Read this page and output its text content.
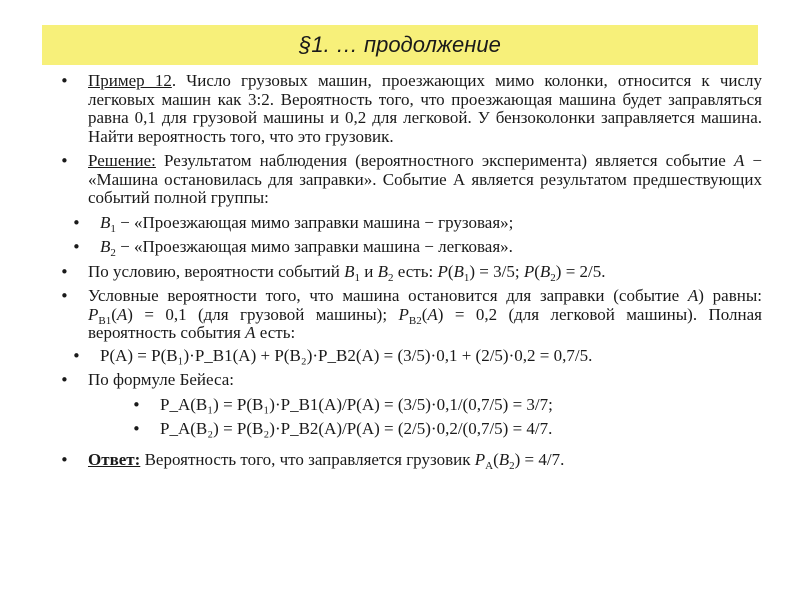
§1. … продолжение
• Пример 12. Число грузовых машин, проезжающих мимо колонки, относится к числу легковых машин как 3:2. Вероятность того, что проезжающая машина будет заправляться равна 0,1 для грузовой машины и 0,2 для легковой. У бензоколонки заправляется машина. Найти вероятность того, что это грузовик.
• Решение: Результатом наблюдения (вероятностного эксперимента) является событие A − «Машина остановилась для заправки». Событие А является результатом предшествующих событий полной группы:
• $B_1$ − «Проезжающая мимо заправки машина − грузовая»;
• $B_2$ − «Проезжающая мимо заправки машина − легковая».
• По условию, вероятности событий $B_1$ и $B_2$ есть: $P(B_1) = 3/5$; $P(B_2) = 2/5$.
• Условные вероятности того, что машина остановится для заправки (событие A) равны: $P_{B1}(A) = 0,1$ (для грузовой машины); $P_{B2}(A) = 0,2$ (для легковой машины). Полная вероятность события A есть:
• P(A) = P(B₁)·P_B1(A) + P(B₂)·P_B2(A) = (3/5)·0,1 + (2/5)·0,2 = 0,7/5.
• По формуле Бейеса:
• P_A(B₁) = P(B₁)·P_B1(A)/P(A) = (3/5)·0,1/(0,7/5) = 3/7;
• P_A(B₂) = P(B₂)·P_B2(A)/P(A) = (2/5)·0,2/(0,7/5) = 4/7.
• Ответ: Вероятность того, что заправляется грузовик $P_A(B_2) = 4/7$.
